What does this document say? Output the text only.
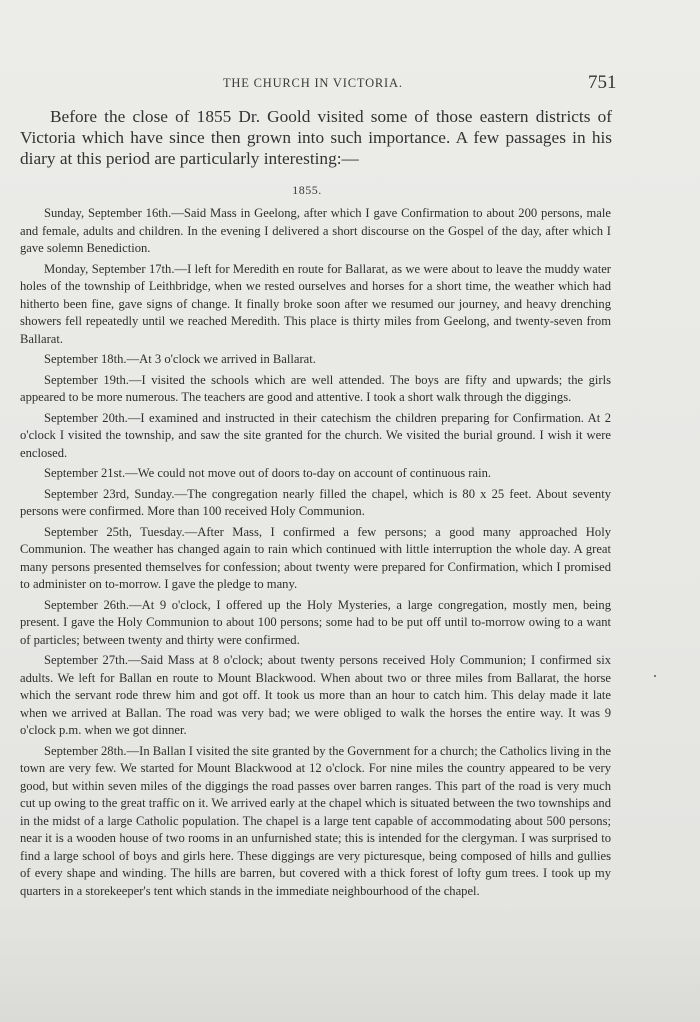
THE CHURCH IN VICTORIA.	751

Before the close of 1855 Dr. Goold visited some of those eastern districts of Victoria which have since then grown into such importance. A few passages in his diary at this period are particularly interesting:—

1855.

Sunday, September 16th.—Said Mass in Geelong, after which I gave Confirmation to about 200 persons, male and female, adults and children. In the evening I delivered a short discourse on the Gospel of the day, after which I gave solemn Benediction.

Monday, September 17th.—I left for Meredith en route for Ballarat, as we were about to leave the muddy water holes of the township of Leithbridge, when we rested ourselves and horses for a short time, the weather which had hitherto been fine, gave signs of change. It finally broke soon after we resumed our journey, and heavy drenching showers fell repeatedly until we reached Meredith. This place is thirty miles from Geelong, and twenty-seven from Ballarat.

September 18th.—At 3 o'clock we arrived in Ballarat.

September 19th.—I visited the schools which are well attended. The boys are fifty and upwards; the girls appeared to be more numerous. The teachers are good and attentive. I took a short walk through the diggings.

September 20th.—I examined and instructed in their catechism the children preparing for Confirmation. At 2 o'clock I visited the township, and saw the site granted for the church. We visited the burial ground. I wish it were enclosed.

September 21st.—We could not move out of doors to-day on account of continuous rain.

September 23rd, Sunday.—The congregation nearly filled the chapel, which is 80 x 25 feet. About seventy persons were confirmed. More than 100 received Holy Communion.

September 25th, Tuesday.—After Mass, I confirmed a few persons; a good many approached Holy Communion. The weather has changed again to rain which continued with little interruption the whole day. A great many persons presented themselves for confession; about twenty were prepared for Confirmation, which I promised to administer on to-morrow. I gave the pledge to many.

September 26th.—At 9 o'clock, I offered up the Holy Mysteries, a large congregation, mostly men, being present. I gave the Holy Communion to about 100 persons; some had to be put off until to-morrow owing to a want of particles; between twenty and thirty were confirmed.

September 27th.—Said Mass at 8 o'clock; about twenty persons received Holy Communion; I confirmed six adults. We left for Ballan en route to Mount Blackwood. When about two or three miles from Ballarat, the horse which the servant rode threw him and got off. It took us more than an hour to catch him. This delay made it late when we arrived at Ballan. The road was very bad; we were obliged to walk the horses the entire way. It was 9 o'clock p.m. when we got dinner.

September 28th.—In Ballan I visited the site granted by the Government for a church; the Catholics living in the town are very few. We started for Mount Blackwood at 12 o'clock. For nine miles the country appeared to be very good, but within seven miles of the diggings the road passes over barren ranges. This part of the road is very much cut up owing to the great traffic on it. We arrived early at the chapel which is situated between the two townships and in the midst of a large Catholic population. The chapel is a large tent capable of accommodating about 500 persons; near it is a wooden house of two rooms in an unfurnished state; this is intended for the clergyman. I was surprised to find a large school of boys and girls here. These diggings are very picturesque, being composed of hills and gullies of every shape and winding. The hills are barren, but covered with a thick forest of lofty gum trees. I took up my quarters in a storekeeper's tent which stands in the immediate neighbourhood of the chapel.
